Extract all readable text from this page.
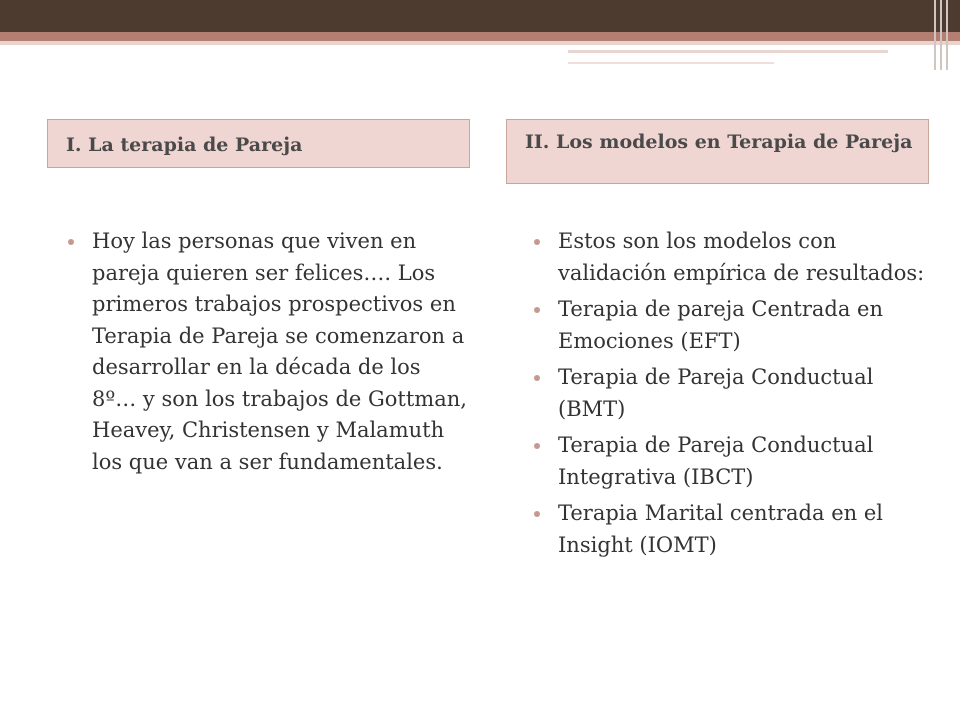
I. La terapia de Pareja	II. Los modelos en Terapia de Pareja
Hoy las personas que viven en pareja quieren ser felices…. Los primeros trabajos prospectivos en Terapia de Pareja se comenzaron a desarrollar en la década de los 8º… y son los trabajos de Gottman, Heavey, Christensen y Malamuth los que van a ser fundamentales.
Estos son los modelos con validación empírica de resultados:
Terapia de pareja Centrada en Emociones (EFT)
Terapia de Pareja Conductual (BMT)
Terapia de Pareja Conductual Integrativa (IBCT)
Terapia Marital centrada en el Insight (IOMT)
